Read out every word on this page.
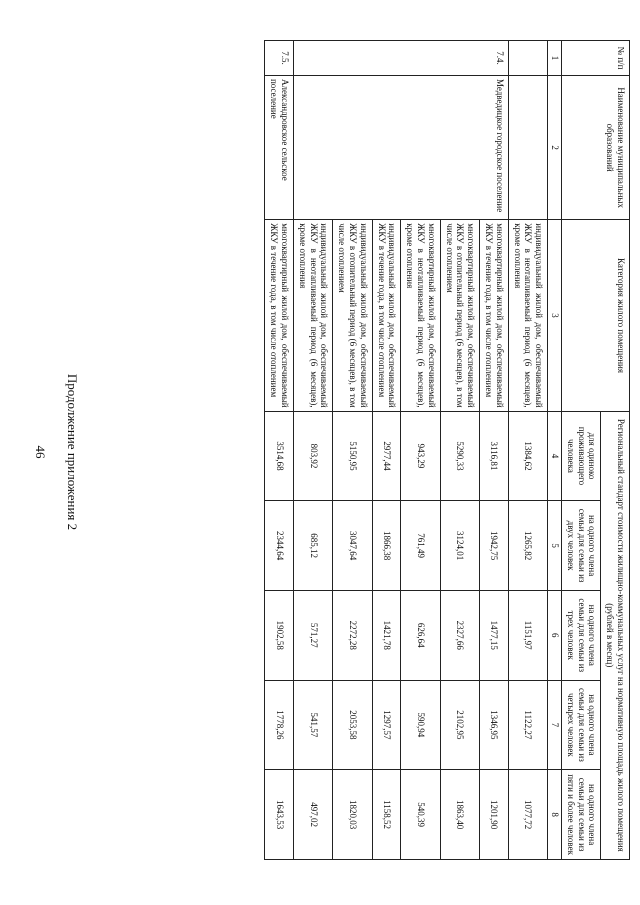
46 Продолжение приложения 2
№ п/п	Наименование муниципальных образований	Категория жилого помещения	Региональный стандарт стоимости жилищно-коммунальных услуг на нормативную площадь жилого помещения (рублей в месяц)				
			для одиноко проживающего человека	на одного члена семьи для семьи из двух человек	на одного члена семьи для семьи из трех человек	на одного члена семьи для семьи из четырех человек	на одного члена семьи для семьи из пяти и более человек
1	2	3	4	5	6	7	8
		индивидуальный жилой дом, обеспечиваемый ЖКУ в неотапливаемый период (6 месяцев), кроме отопления	1384,62	1265,82	1151,97	1122,27	1077,72
7.4.	Медведицкое городское поселение	многоквартирный жилой дом, обеспечиваемый ЖКУ в течение года, в том числе отоплением	3116,81	1942,75	1477,15	1346,95	1201,90
		многоквартирный жилой дом, обеспечиваемый ЖКУ в отопительный период (6 месяцев), в том числе отоплением	5290,33	3124,01	2327,66	2102,95	1863,40
		многоквартирный жилой дом, обеспечиваемый ЖКУ в неотапливаемый период (6 месяцев), кроме отопления	943,29	761,49	626,64	590,94	540,39
		индивидуальный жилой дом, обеспечиваемый ЖКУ в течение года, в том числе отоплением	2977,44	1866,38	1421,78	1297,57	1158,52
		индивидуальный жилой дом, обеспечиваемый ЖКУ в отопительный период (6 месяцев), в том числе отоплением	5150,95	3047,64	2272,28	2053,58	1820,03
		индивидуальный жилой дом, обеспечиваемый ЖКУ в неотапливаемый период (6 месяцев), кроме отопления	803,92	685,12	571,27	541,57	497,02
7.5.	Александровское сельское поселение	многоквартирный жилой дом, обеспечиваемый ЖКУ в течение года, в том числе отоплением	3514,68	2344,64	1902,58	1778,26	1643,53
